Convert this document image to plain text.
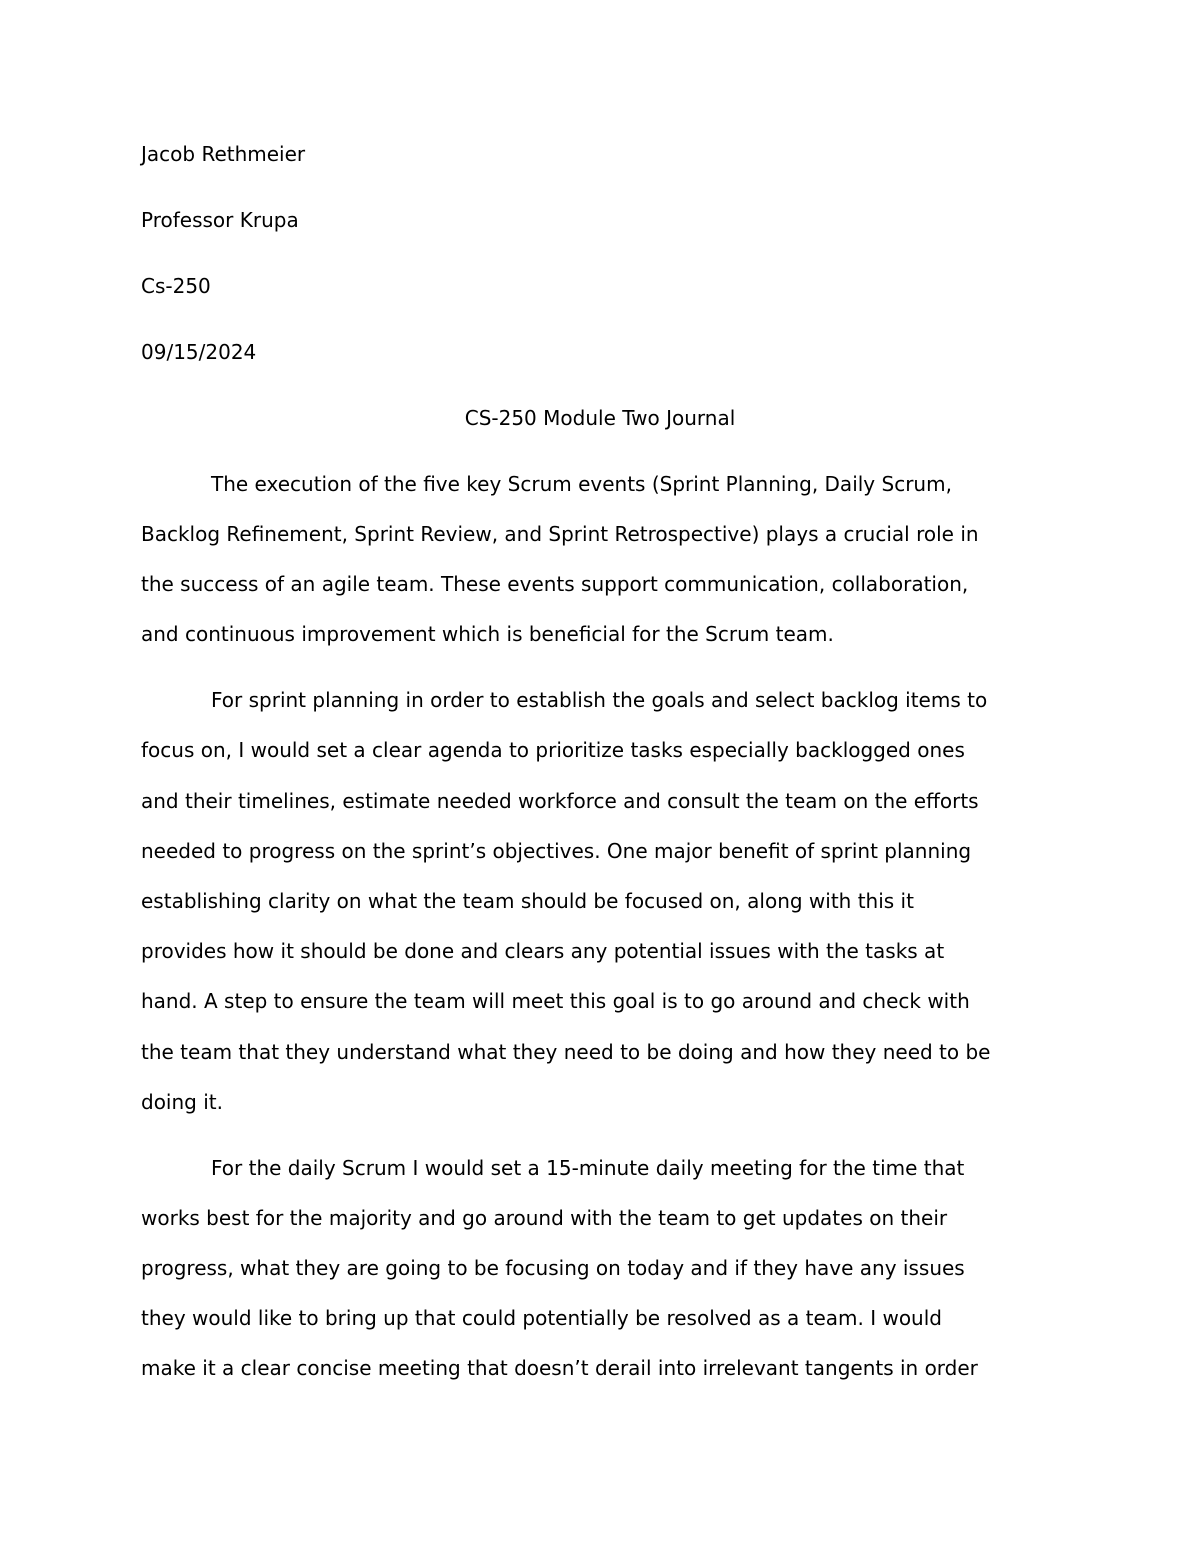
Jacob Rethmeier
Professor Krupa
Cs-250
09/15/2024
CS-250 Module Two Journal
The execution of the five key Scrum events (Sprint Planning, Daily Scrum,
Backlog Refinement, Sprint Review, and Sprint Retrospective) plays a crucial role in
the success of an agile team. These events support communication, collaboration,
and continuous improvement which is beneficial for the Scrum team.
For sprint planning in order to establish the goals and select backlog items to
focus on, I would set a clear agenda to prioritize tasks especially backlogged ones
and their timelines, estimate needed workforce and consult the team on the efforts
needed to progress on the sprint’s objectives. One major benefit of sprint planning
establishing clarity on what the team should be focused on, along with this it
provides how it should be done and clears any potential issues with the tasks at
hand. A step to ensure the team will meet this goal is to go around and check with
the team that they understand what they need to be doing and how they need to be
doing it.
For the daily Scrum I would set a 15-minute daily meeting for the time that
works best for the majority and go around with the team to get updates on their
progress, what they are going to be focusing on today and if they have any issues
they would like to bring up that could potentially be resolved as a team. I would
make it a clear concise meeting that doesn’t derail into irrelevant tangents in order
